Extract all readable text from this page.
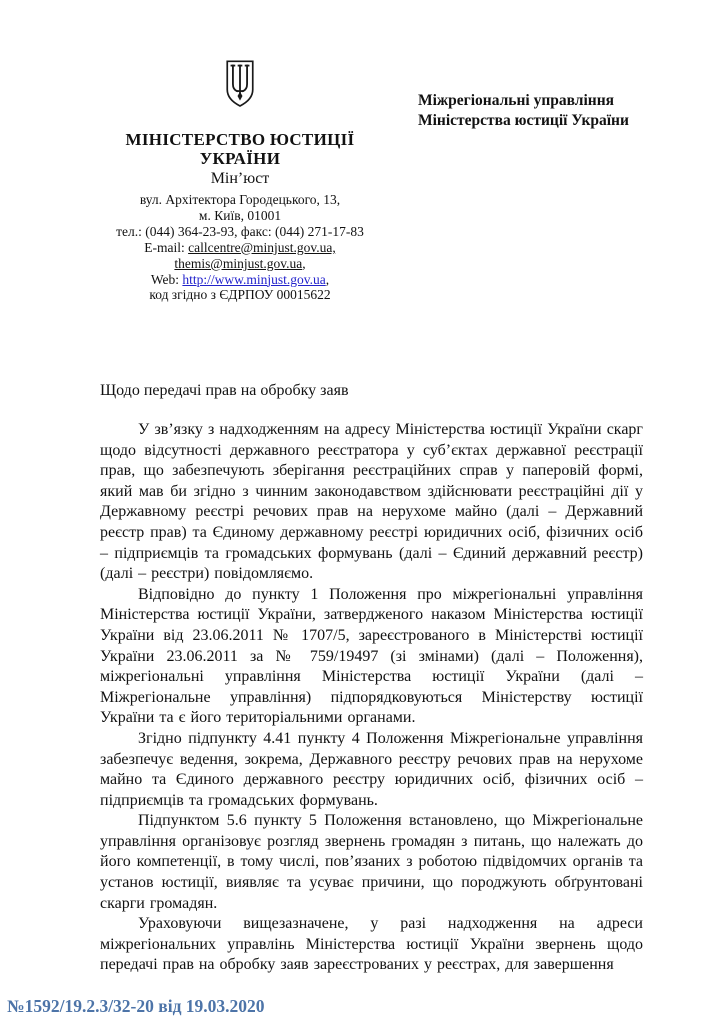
МІНІСТЕРСТВО ЮСТИЦІЇ
УКРАЇНИ
Мін’юст
вул. Архітектора Городецького, 13,
м. Київ, 01001
тел.: (044) 364-23-93, факс: (044) 271-17-83
E-mail: callcentre@minjust.gov.ua,
themis@minjust.gov.ua,
Web: http://www.minjust.gov.ua,
код згідно з ЄДРПОУ 00015622
Міжрегіональні управління
Міністерства юстиції України
Щодо передачі прав на обробку заяв

У зв’язку з надходженням на адресу Міністерства юстиції України скарг щодо відсутності державного реєстратора у суб’єктах державної реєстрації прав, що забезпечують зберігання реєстраційних справ у паперовій формі, який мав би згідно з чинним законодавством здійснювати реєстраційні дії у Державному реєстрі речових прав на нерухоме майно (далі – Державний реєстр прав) та Єдиному державному реєстрі юридичних осіб, фізичних осіб – підприємців та громадських формувань (далі – Єдиний державний реєстр) (далі – реєстри) повідомляємо.

Відповідно до пункту 1 Положення про міжрегіональні управління Міністерства юстиції України, затвердженого наказом Міністерства юстиції України від 23.06.2011 № 1707/5, зареєстрованого в Міністерстві юстиції України 23.06.2011 за № 759/19497 (зі змінами) (далі – Положення), міжрегіональні управління Міністерства юстиції України (далі – Міжрегіональне управління) підпорядковуються Міністерству юстиції України та є його територіальними органами.

Згідно підпункту 4.41 пункту 4 Положення Міжрегіональне управління забезпечує ведення, зокрема, Державного реєстру речових прав на нерухоме майно та Єдиного державного реєстру юридичних осіб, фізичних осіб – підприємців та громадських формувань.

Підпунктом 5.6 пункту 5 Положення встановлено, що Міжрегіональне управління організовує розгляд звернень громадян з питань, що належать до його компетенції, в тому числі, пов’язаних з роботою підвідомчих органів та установ юстиції, виявляє та усуває причини, що породжують обґрунтовані скарги громадян.

Ураховуючи вищезазначене, у разі надходження на адреси міжрегіональних управлінь Міністерства юстиції України звернень щодо передачі прав на обробку заяв зареєстрованих у реєстрах, для завершення

№1592/19.2.3/32-20 від 19.03.2020
